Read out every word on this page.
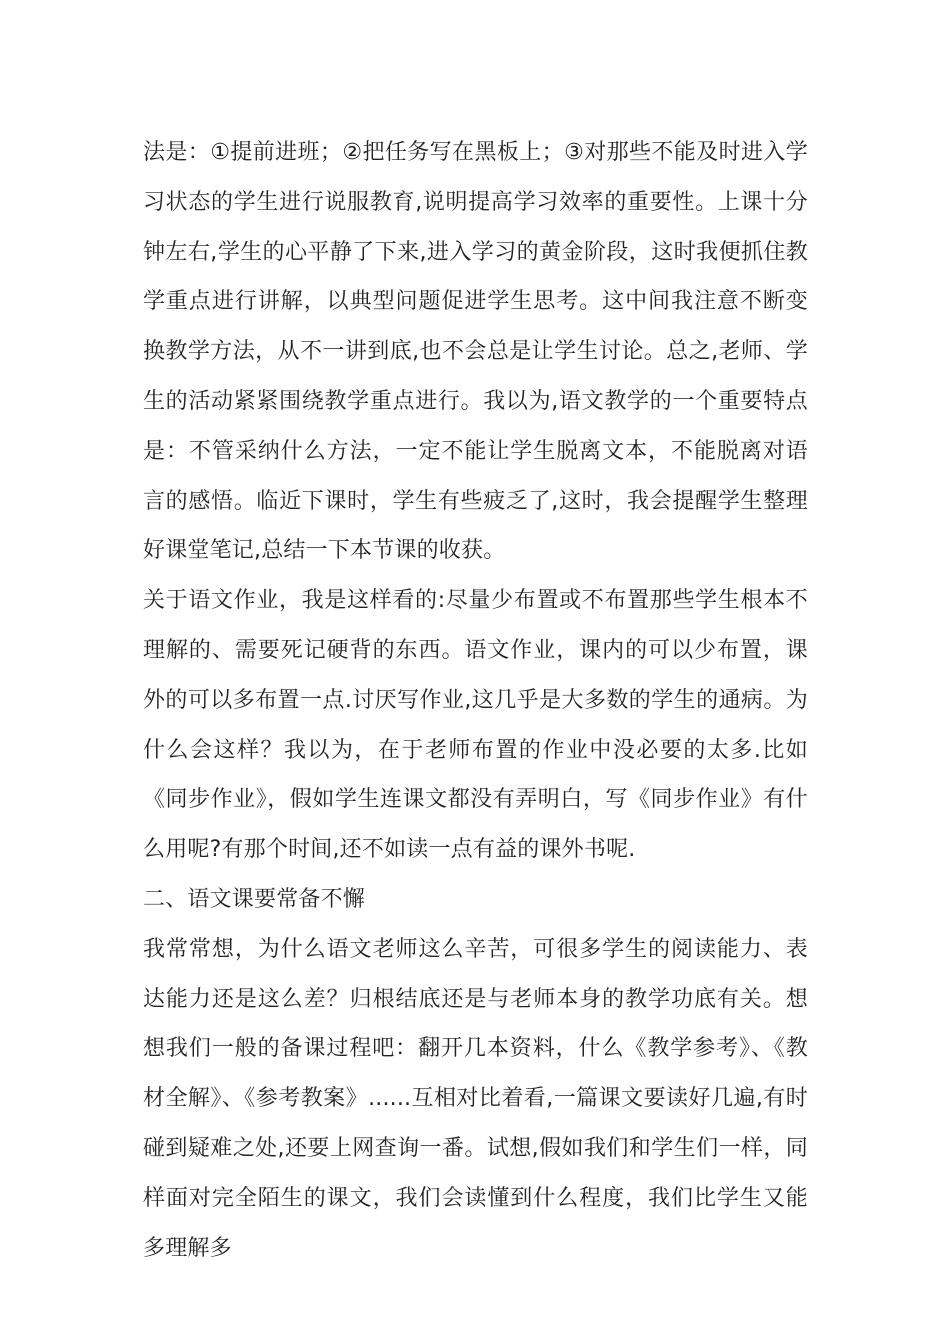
法是：①提前进班；②把任务写在黑板上；③对那些不能及时进入学习状态的学生进行说服教育,说明提高学习效率的重要性。上课十分钟左右,学生的心平静了下来,进入学习的黄金阶段，这时我便抓住教学重点进行讲解，以典型问题促进学生思考。这中间我注意不断变换教学方法，从不一讲到底,也不会总是让学生讨论。总之,老师、学生的活动紧紧围绕教学重点进行。我以为,语文教学的一个重要特点是：不管采纳什么方法，一定不能让学生脱离文本，不能脱离对语言的感悟。临近下课时，学生有些疲乏了,这时，我会提醒学生整理好课堂笔记,总结一下本节课的收获。

关于语文作业，我是这样看的:尽量少布置或不布置那些学生根本不理解的、需要死记硬背的东西。语文作业，课内的可以少布置，课外的可以多布置一点.讨厌写作业,这几乎是大多数的学生的通病。为什么会这样？我以为，在于老师布置的作业中没必要的太多.比如《同步作业》，假如学生连课文都没有弄明白，写《同步作业》有什么用呢?有那个时间,还不如读一点有益的课外书呢.

二、语文课要常备不懈

我常常想，为什么语文老师这么辛苦，可很多学生的阅读能力、表达能力还是这么差？归根结底还是与老师本身的教学功底有关。想想我们一般的备课过程吧：翻开几本资料，什么《教学参考》、《教材全解》、《参考教案》......互相对比着看,一篇课文要读好几遍,有时碰到疑难之处,还要上网查询一番。试想,假如我们和学生们一样，同样面对完全陌生的课文，我们会读懂到什么程度，我们比学生又能多理解多
